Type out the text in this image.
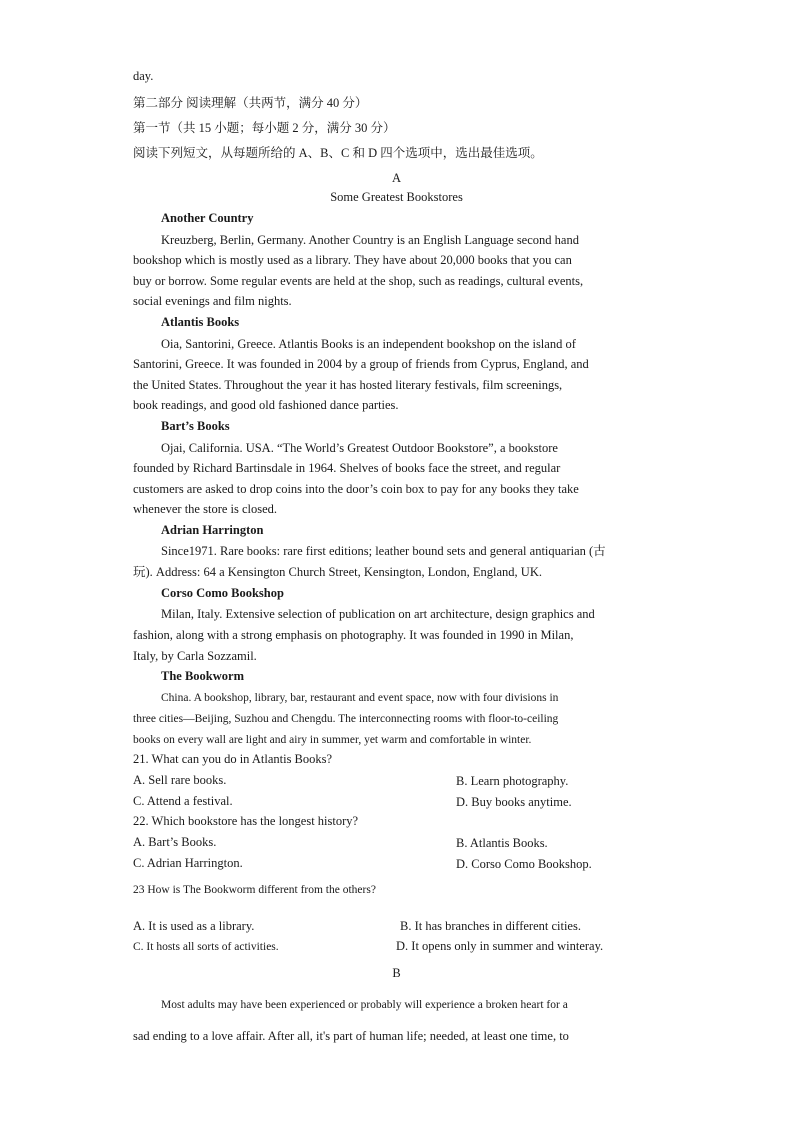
day.
第二部分 阅读理解（共两节，满分 40 分）
第一节（共 15 小题；每小题 2 分，满分 30 分）
阅读下列短文，从每题所给的 A、B、C 和 D 四个选项中，选出最佳选项。
A
Some Greatest Bookstores
Another Country
Kreuzberg, Berlin, Germany. Another Country is an English Language second hand
bookshop which is mostly used as a library. They have about 20,000 books that you can
buy or borrow. Some regular events are held at the shop, such as readings, cultural events,
social evenings and film nights.
Atlantis Books
Oia, Santorini, Greece. Atlantis Books is an independent bookshop on the island of
Santorini, Greece. It was founded in 2004 by a group of friends from Cyprus, England, and
the United States. Throughout the year it has hosted literary festivals, film screenings,
book readings, and good old fashioned dance parties.
Bart’s Books
Ojai, California. USA. “The World’s Greatest Outdoor Bookstore”, a bookstore
founded by Richard Bartinsdale in 1964. Shelves of books face the street, and regular
customers are asked to drop coins into the door’s coin box to pay for any books they take
whenever the store is closed.
Adrian Harrington
Since1971. Rare books: rare first editions; leather bound sets and general antiquarian (古
玩). Address: 64 a Kensington Church Street, Kensington, London, England, UK.
Corso Como Bookshop
Milan, Italy. Extensive selection of publication on art architecture, design graphics and
fashion, along with a strong emphasis on photography. It was founded in 1990 in Milan,
Italy, by Carla Sozzamil.
The Bookworm
China. A bookshop, library, bar, restaurant and event space, now with four divisions in
three cities—Beijing, Suzhou and Chengdu. The interconnecting rooms with floor-to-ceiling
books on every wall are light and airy in summer, yet warm and comfortable in winter.
21. What can you do in Atlantis Books?
A. Sell rare books.	B. Learn photography.
C. Attend a festival.	D. Buy books anytime.
22. Which bookstore has the longest history?
A. Bart’s Books.	B. Atlantis Books.
C. Adrian Harrington.	D. Corso Como Bookshop.
23 How is The Bookworm different from the others?
A. It is used as a library.	B. It has branches in different cities.
C. It hosts all sorts of activities.	D. It opens only in summer and winteray.
B
Most adults may have been experienced or probably will experience a broken heart for a
sad ending to a love affair. After all, it's part of human life; needed, at least one time, to
